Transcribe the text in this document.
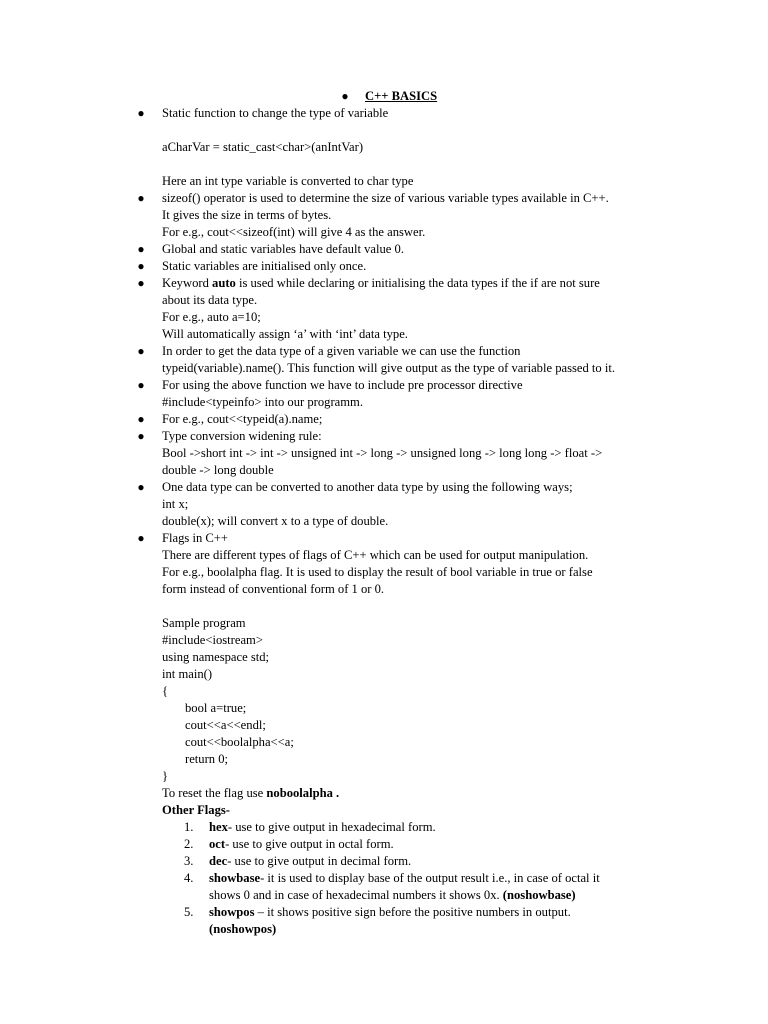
● C++ BASICS
● Static function to change the type of variable
aCharVar = static_cast<char>(anIntVar)
Here an int type variable is converted to char type
● sizeof() operator is used to determine the size of various variable types available in C++.
It gives the size in terms of bytes.
For e.g., cout<<sizeof(int) will give 4 as the answer.
● Global and static variables have default value 0.
● Static variables are initialised only once.
● Keyword auto is used while declaring or initialising the data types if the if are not sure
about its data type.
For e.g., auto a=10;
Will automatically assign ‘a’ with ‘int’ data type.
● In order to get the data type of a given variable we can use the function
typeid(variable).name(). This function will give output as the type of variable passed to it.
● For using the above function we have to include pre processor directive
#include<typeinfo> into our programm.
● For e.g., cout<<typeid(a).name;
● Type conversion widening rule:
Bool ->short int -> int -> unsigned int -> long -> unsigned long -> long long -> float ->
double -> long double
● One data type can be converted to another data type by using the following ways;
int x;
double(x); will convert x to a type of double.
● Flags in C++
There are different types of flags of C++ which can be used for output manipulation.
For e.g., boolalpha flag. It is used to display the result of bool variable in true or false
form instead of conventional form of 1 or 0.
Sample program
#include<iostream>
using namespace std;
int main()
{
bool a=true;
cout<<a<<endl;
cout<<boolalpha<<a;
return 0;
}
To reset the flag use noboolalpha .
Other Flags-
1.	hex- use to give output in hexadecimal form.
2.	oct- use to give output in octal form.
3.	dec- use to give output in decimal form.
4.	showbase- it is used to display base of the output result i.e., in case of octal it
shows 0 and in case of hexadecimal numbers it shows 0x. (noshowbase)
5.	showpos – it shows positive sign before the positive numbers in output.
(noshowpos)
